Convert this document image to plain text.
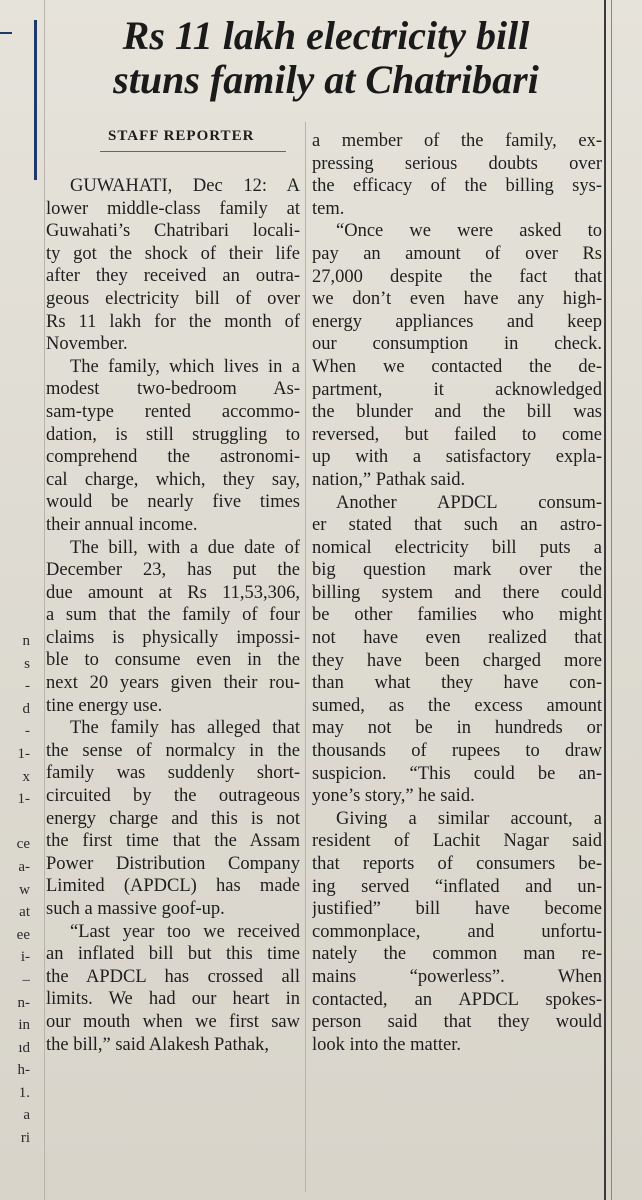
n
s
-
d
-
1-
x
1-
ce
a-
w
at
ee
i-
–
n-
in
ıd
h-
1.
a
ri
Rs 11 lakh electricity bill
stuns family at Chatribari
STAFF REPORTER
GUWAHATI, Dec 12: A
lower middle-class family at
Guwahati’s Chatribari locali-
ty got the shock of their life
after they received an outra-
geous electricity bill of over
Rs 11 lakh for the month of
November.
The family, which lives in a
modest two-bedroom As-
sam-type rented accommo-
dation, is still struggling to
comprehend the astronomi-
cal charge, which, they say,
would be nearly five times
their annual income.
The bill, with a due date of
December 23, has put the
due amount at Rs 11,53,306,
a sum that the family of four
claims is physically impossi-
ble to consume even in the
next 20 years given their rou-
tine energy use.
The family has alleged that
the sense of normalcy in the
family was suddenly short-
circuited by the outrageous
energy charge and this is not
the first time that the Assam
Power Distribution Company
Limited (APDCL) has made
such a massive goof-up.
“Last year too we received
an inflated bill but this time
the APDCL has crossed all
limits. We had our heart in
our mouth when we first saw
the bill,” said Alakesh Pathak,
a member of the family, ex-
pressing serious doubts over
the efficacy of the billing sys-
tem.
“Once we were asked to
pay an amount of over Rs
27,000 despite the fact that
we don’t even have any high-
energy appliances and keep
our consumption in check.
When we contacted the de-
partment, it acknowledged
the blunder and the bill was
reversed, but failed to come
up with a satisfactory expla-
nation,” Pathak said.
Another APDCL consum-
er stated that such an astro-
nomical electricity bill puts a
big question mark over the
billing system and there could
be other families who might
not have even realized that
they have been charged more
than what they have con-
sumed, as the excess amount
may not be in hundreds or
thousands of rupees to draw
suspicion. “This could be an-
yone’s story,” he said.
Giving a similar account, a
resident of Lachit Nagar said
that reports of consumers be-
ing served “inflated and un-
justified” bill have become
commonplace, and unfortu-
nately the common man re-
mains “powerless”. When
contacted, an APDCL spokes-
person said that they would
look into the matter.
